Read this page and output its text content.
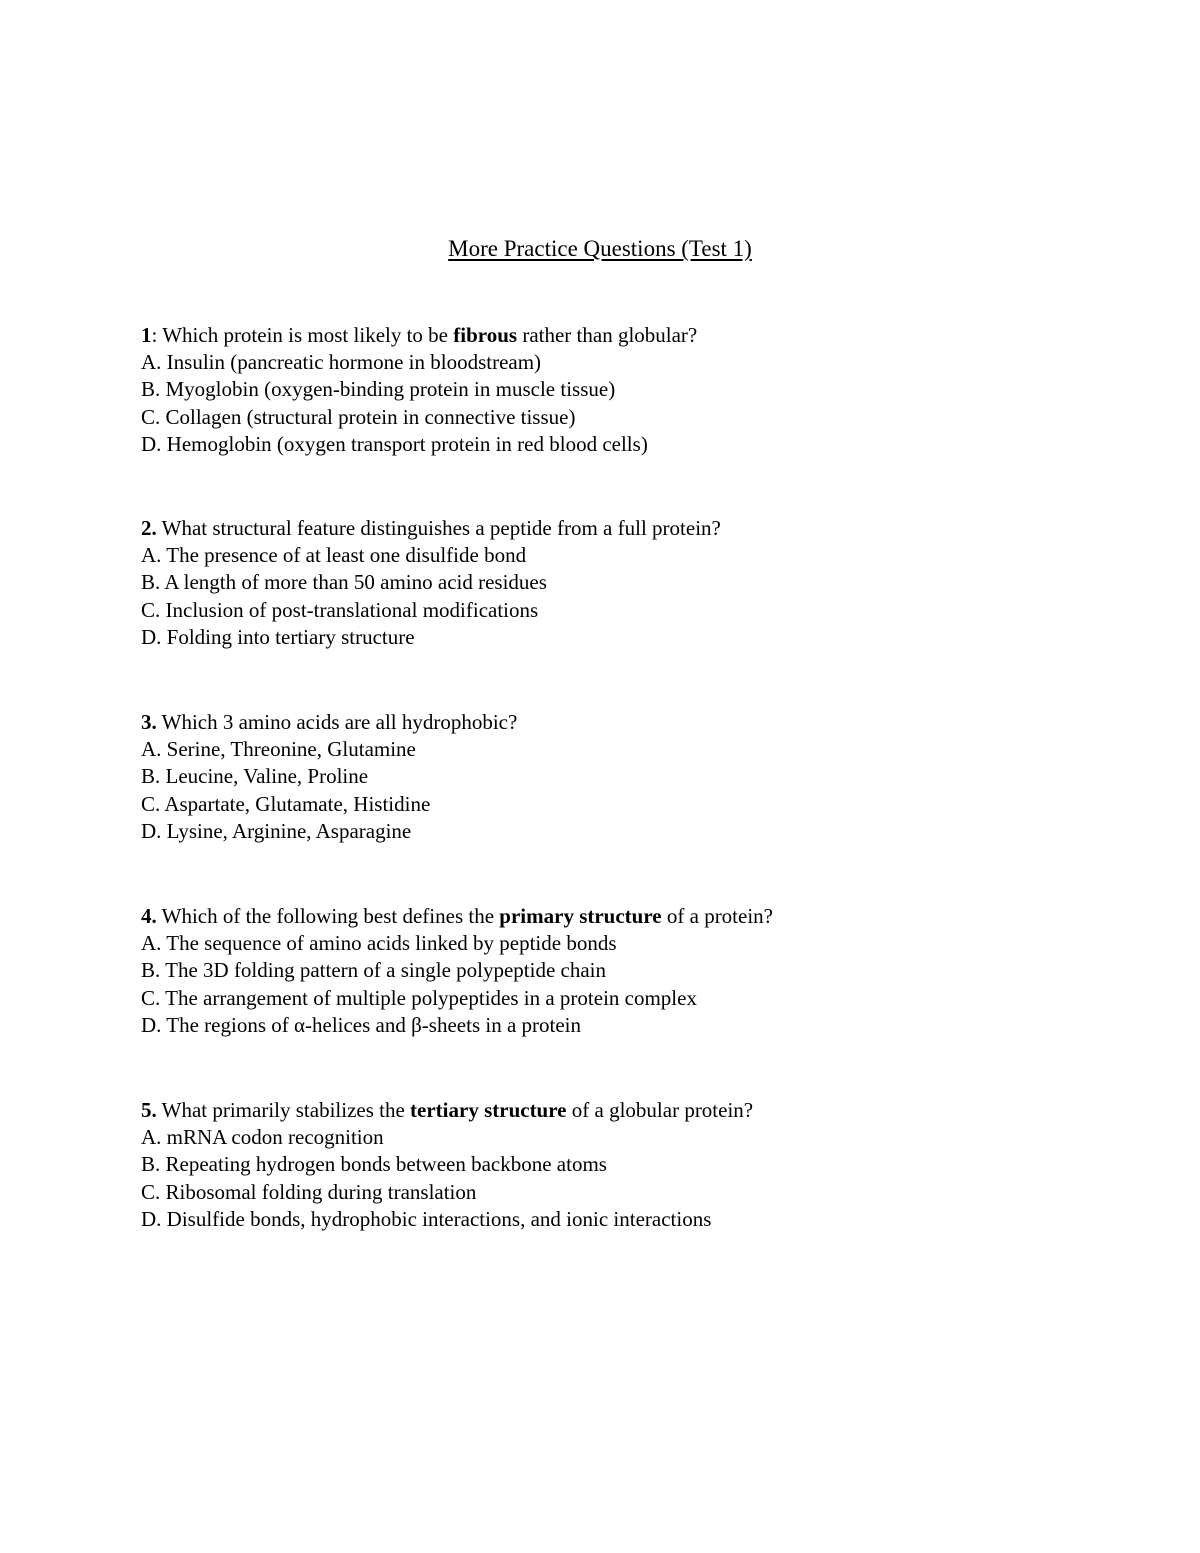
More Practice Questions (Test 1)

1: Which protein is most likely to be fibrous rather than globular?

A. Insulin (pancreatic hormone in bloodstream)

B. Myoglobin (oxygen-binding protein in muscle tissue)

C. Collagen (structural protein in connective tissue)

D. Hemoglobin (oxygen transport protein in red blood cells)

2. What structural feature distinguishes a peptide from a full protein?

A. The presence of at least one disulfide bond

B. A length of more than 50 amino acid residues

C. Inclusion of post-translational modifications

D. Folding into tertiary structure

3. Which 3 amino acids are all hydrophobic?

A. Serine, Threonine, Glutamine

B. Leucine, Valine, Proline

C. Aspartate, Glutamate, Histidine

D. Lysine, Arginine, Asparagine

4. Which of the following best defines the primary structure of a protein?

A. The sequence of amino acids linked by peptide bonds

B. The 3D folding pattern of a single polypeptide chain

C. The arrangement of multiple polypeptides in a protein complex

D. The regions of α-helices and β-sheets in a protein

5. What primarily stabilizes the tertiary structure of a globular protein?

A. mRNA codon recognition

B. Repeating hydrogen bonds between backbone atoms

C. Ribosomal folding during translation

D. Disulfide bonds, hydrophobic interactions, and ionic interactions
